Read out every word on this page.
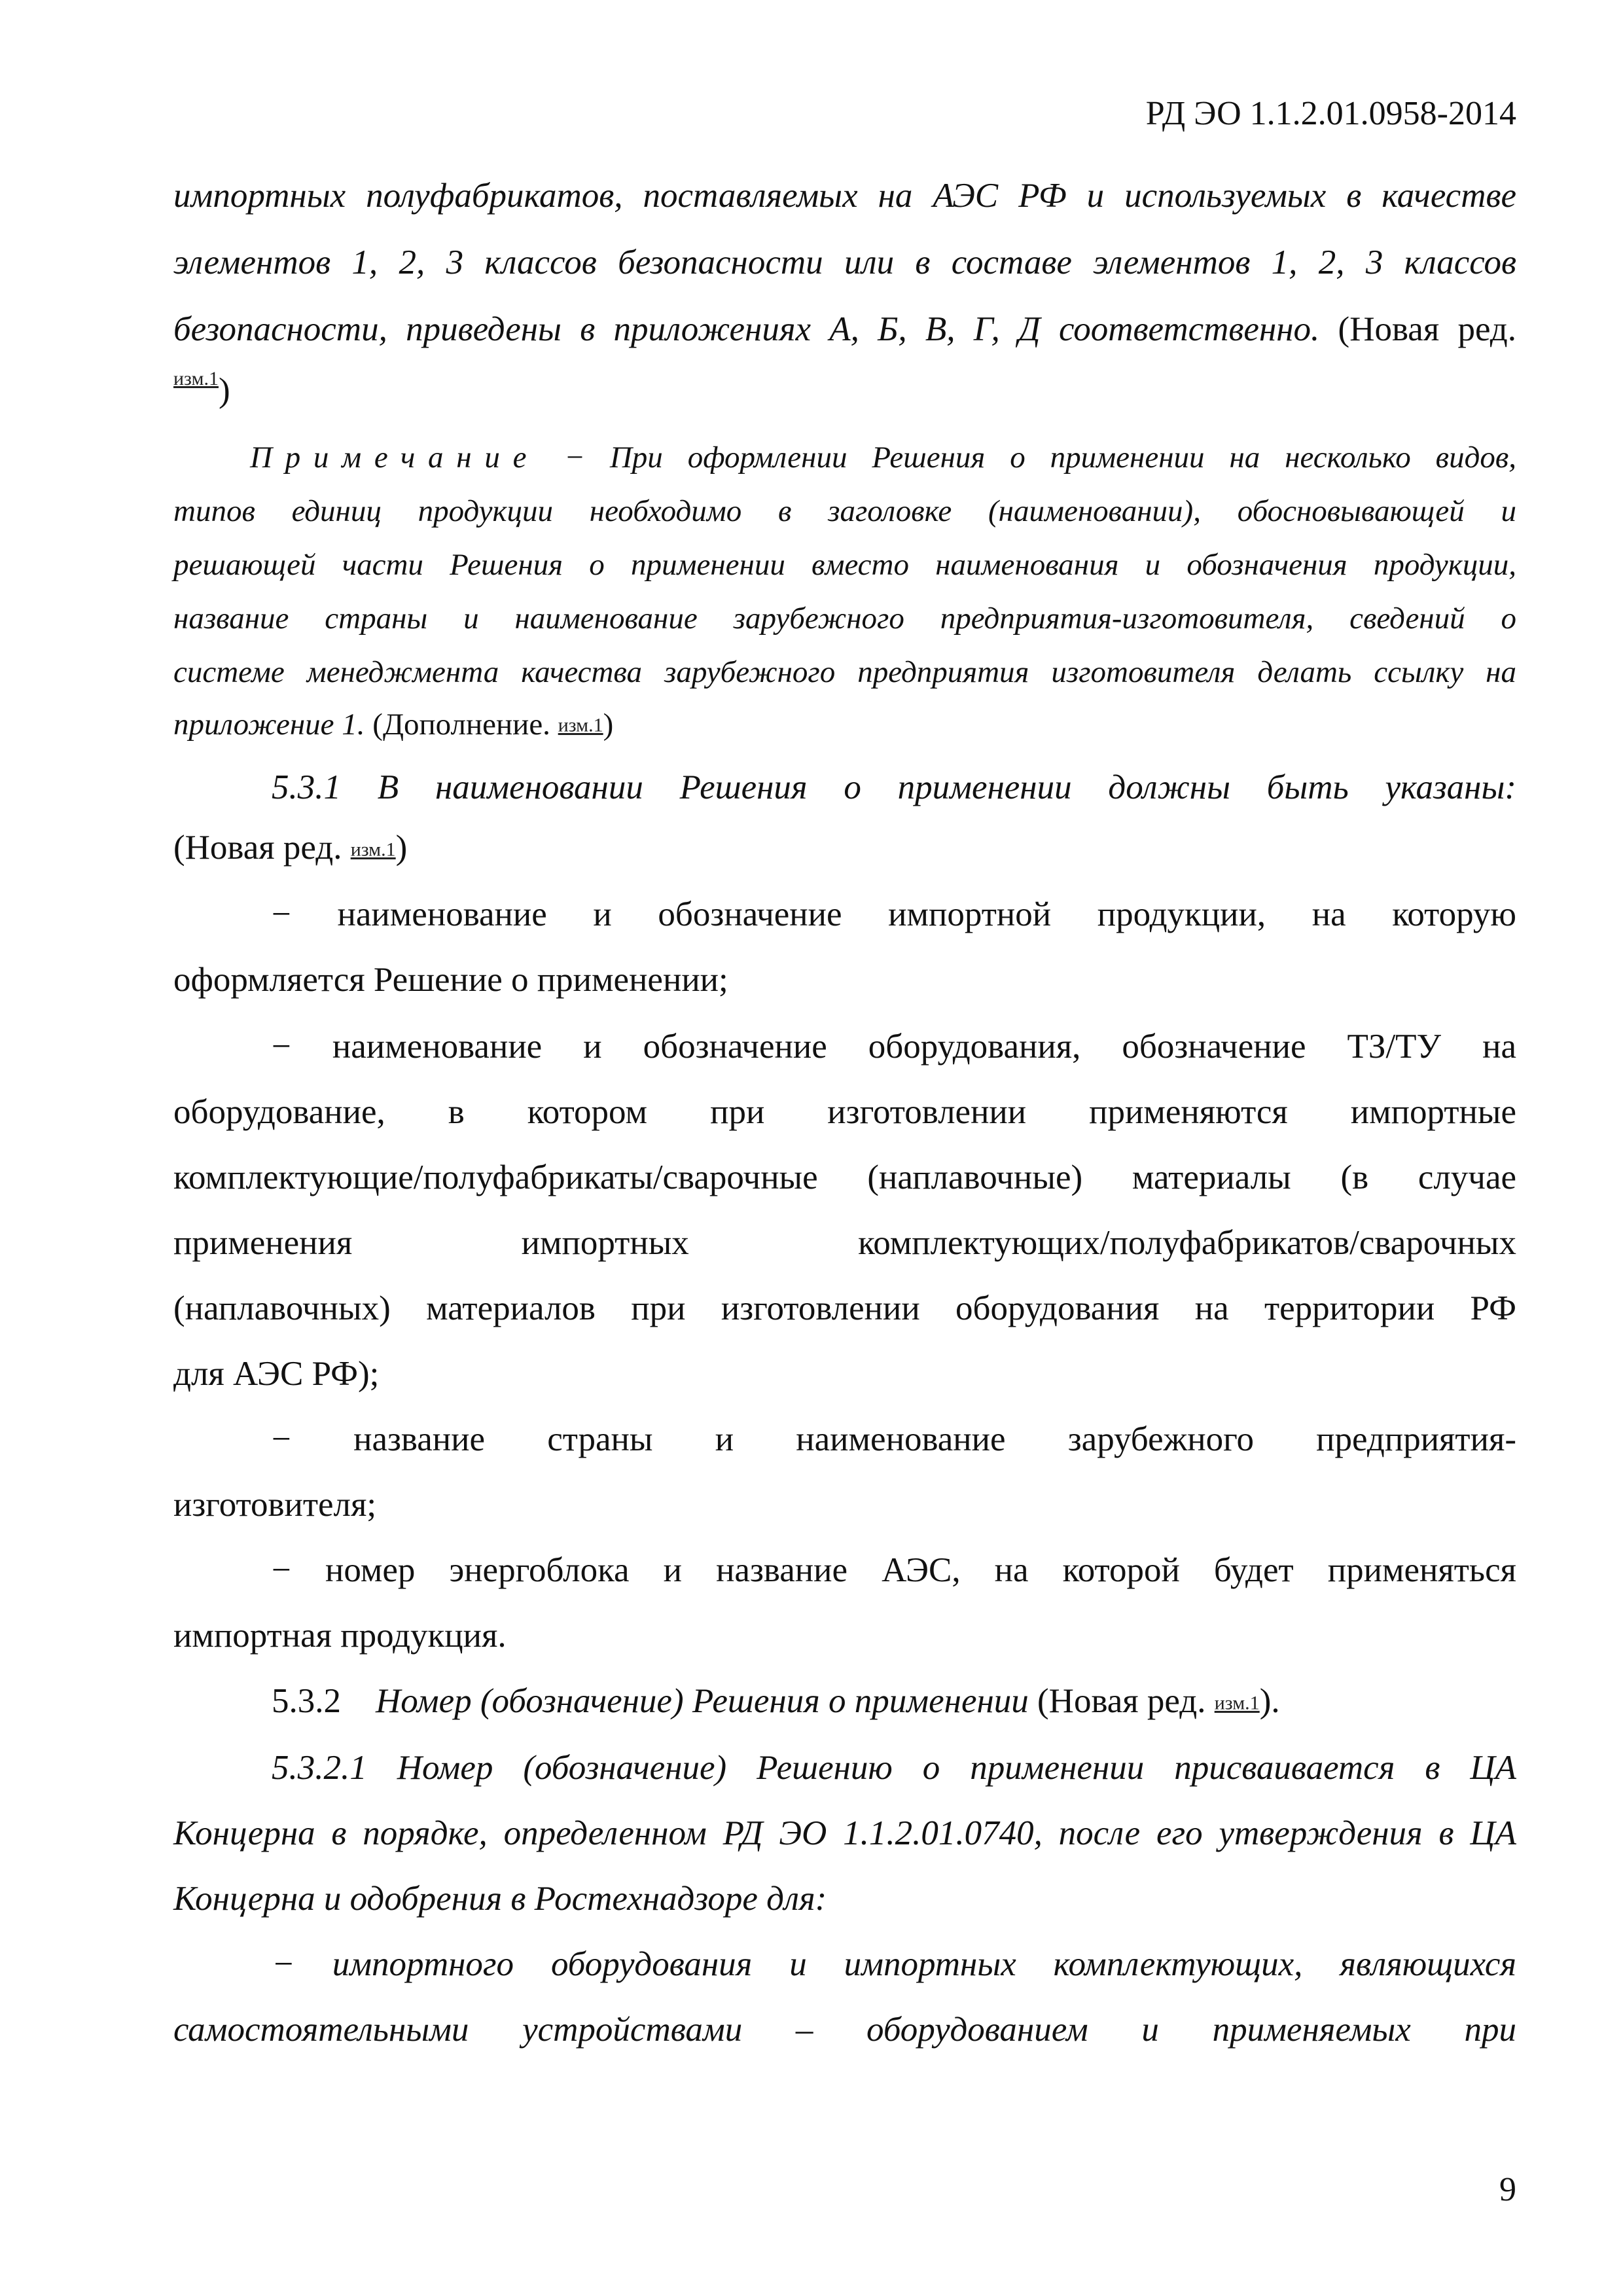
РД ЭО 1.1.2.01.0958-2014
импортных полуфабрикатов, поставляемых на АЭС РФ и используемых в качестве
элементов 1, 2, 3 классов безопасности или в составе элементов 1, 2, 3 классов
безопасности, приведены в приложениях А, Б, В, Г, Д соответственно. (Новая ред.
$^{изм.1}$)
Примечание − При оформлении Решения о применении на несколько видов,
типов единиц продукции необходимо в заголовке (наименовании), обосновывающей и
решающей части Решения о применении вместо наименования и обозначения продукции,
название страны и наименование зарубежного предприятия-изготовителя, сведений о
системе менеджмента качества зарубежного предприятия изготовителя делать ссылку на
приложение 1. (Дополнение. изм.1)
5.3.1 В наименовании Решения о применении должны быть указаны:
(Новая ред. изм.1)
− наименование и обозначение импортной продукции, на которую
оформляется Решение о применении;
− наименование и обозначение оборудования, обозначение ТЗ/ТУ на
оборудование, в котором при изготовлении применяются импортные
комплектующие/полуфабрикаты/сварочные (наплавочные) материалы (в случае
применения импортных комплектующих/полуфабрикатов/сварочных
(наплавочных) материалов при изготовлении оборудования на территории РФ
для АЭС РФ);
− название страны и наименование зарубежного предприятия-
изготовителя;
− номер энергоблока и название АЭС, на которой будет применяться
импортная продукция.
5.3.2 Номер (обозначение) Решения о применении (Новая ред. изм.1).
5.3.2.1 Номер (обозначение) Решению о применении присваивается в ЦА
Концерна в порядке, определенном РД ЭО 1.1.2.01.0740, после его утверждения в ЦА
Концерна и одобрения в Ростехнадзоре для:
− импортного оборудования и импортных комплектующих, являющихся
самостоятельными устройствами – оборудованием и применяемых при
9
